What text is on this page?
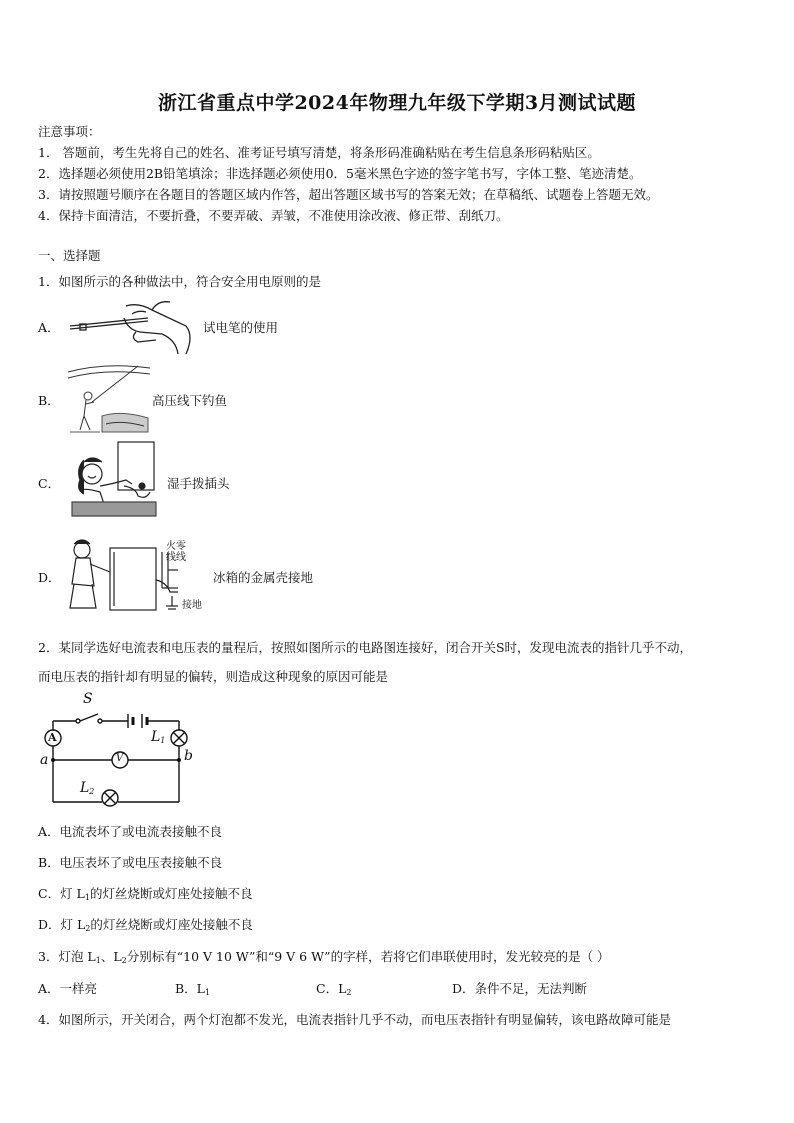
浙江省重点中学2024年物理九年级下学期3月测试试题
注意事项：
1． 答题前，考生先将自己的姓名、准考证号填写清楚，将条形码准确粘贴在考生信息条形码粘贴区。
2．选择题必须使用2B铅笔填涂；非选择题必须使用0．5毫米黑色字迹的签字笔书写，字体工整、笔迹清楚。
3．请按照题号顺序在各题目的答题区域内作答，超出答题区域书写的答案无效；在草稿纸、试题卷上答题无效。
4．保持卡面清洁，不要折叠，不要弄破、弄皱，不准使用涂改液、修正带、刮纸刀。
一、选择题
1．如图所示的各种做法中，符合安全用电原则的是
A．	试电笔的使用
B．	高压线下钓鱼
C．	湿手拨插头
D．
火零
线线
接地
冰箱的金属壳接地
2．某同学选好电流表和电压表的量程后，按照如图所示的电路图连接好，闭合开关S时，发现电流表的指针几乎不动，
而电压表的指针却有明显的偏转，则造成这种现象的原因可能是
S
A
V
$L_1$
$L_2$
a	b
A．电流表坏了或电流表接触不良
B．电压表坏了或电压表接触不良
C．灯 $L_1$的灯丝烧断或灯座处接触不良
D．灯 $L_2$的灯丝烧断或灯座处接触不良
3．灯泡 $L_1$、$L_2$分别标有“10 V 10 W”和“9 V 6 W”的字样，若将它们串联使用时，发光较亮的是（ ）
A．一样亮	B．$L_1$	C．$L_2$	D．条件不足，无法判断
4．如图所示，开关闭合，两个灯泡都不发光，电流表指针几乎不动，而电压表指针有明显偏转，该电路故障可能是
